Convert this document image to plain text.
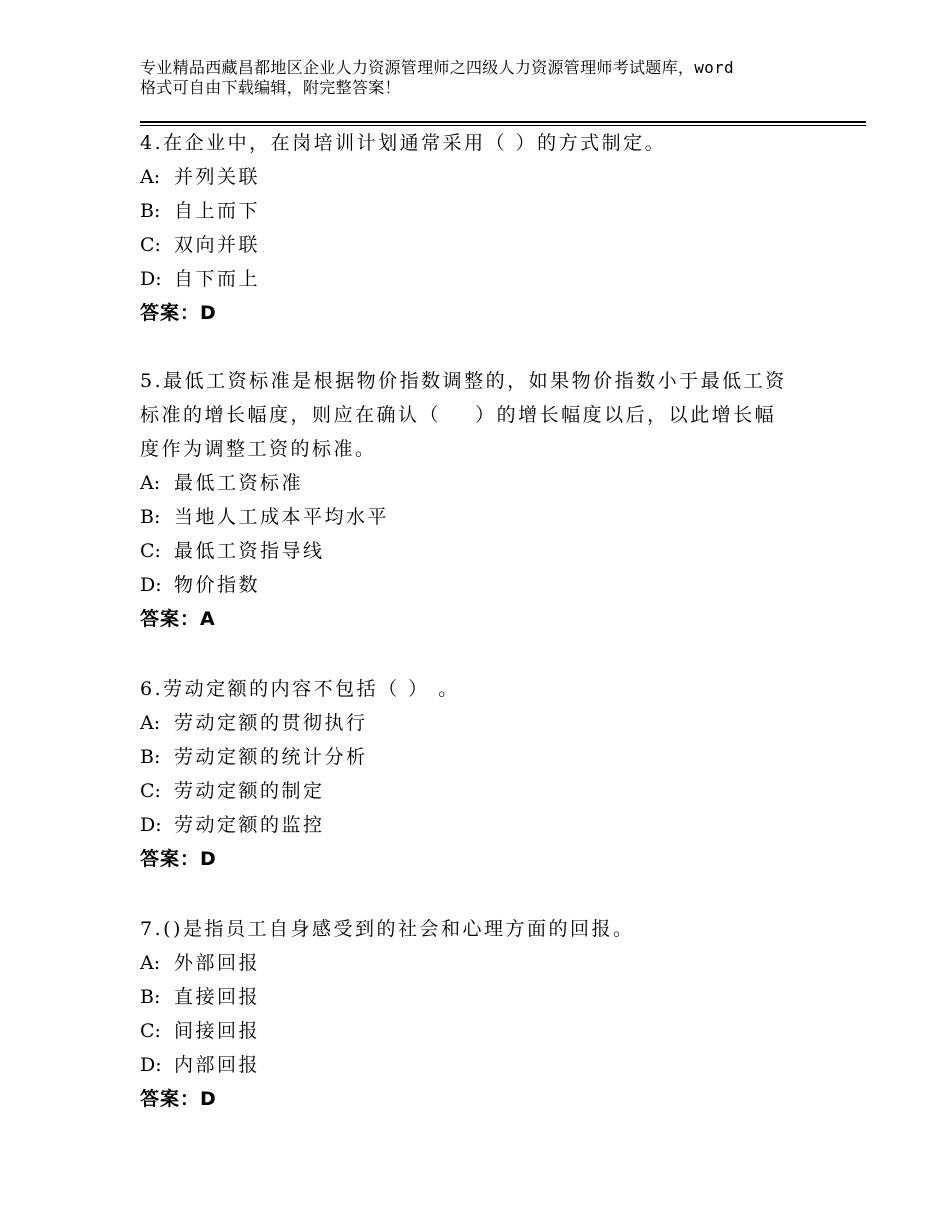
专业精品西藏昌都地区企业人力资源管理师之四级人力资源管理师考试题库，word
格式可自由下载编辑，附完整答案！

4.在企业中，在岗培训计划通常采用（ ）的方式制定。

A: 并列关联

B: 自上而下

C: 双向并联

D: 自下而上

答案：D

5.最低工资标准是根据物价指数调整的，如果物价指数小于最低工资

标准的增长幅度，则应在确认（    ）的增长幅度以后，以此增长幅

度作为调整工资的标准。

A: 最低工资标准

B: 当地人工成本平均水平

C: 最低工资指导线

D: 物价指数

答案：A

6.劳动定额的内容不包括（ ） 。

A: 劳动定额的贯彻执行

B: 劳动定额的统计分析

C: 劳动定额的制定

D: 劳动定额的监控

答案：D

7.()是指员工自身感受到的社会和心理方面的回报。

A: 外部回报

B: 直接回报

C: 间接回报

D: 内部回报

答案：D
